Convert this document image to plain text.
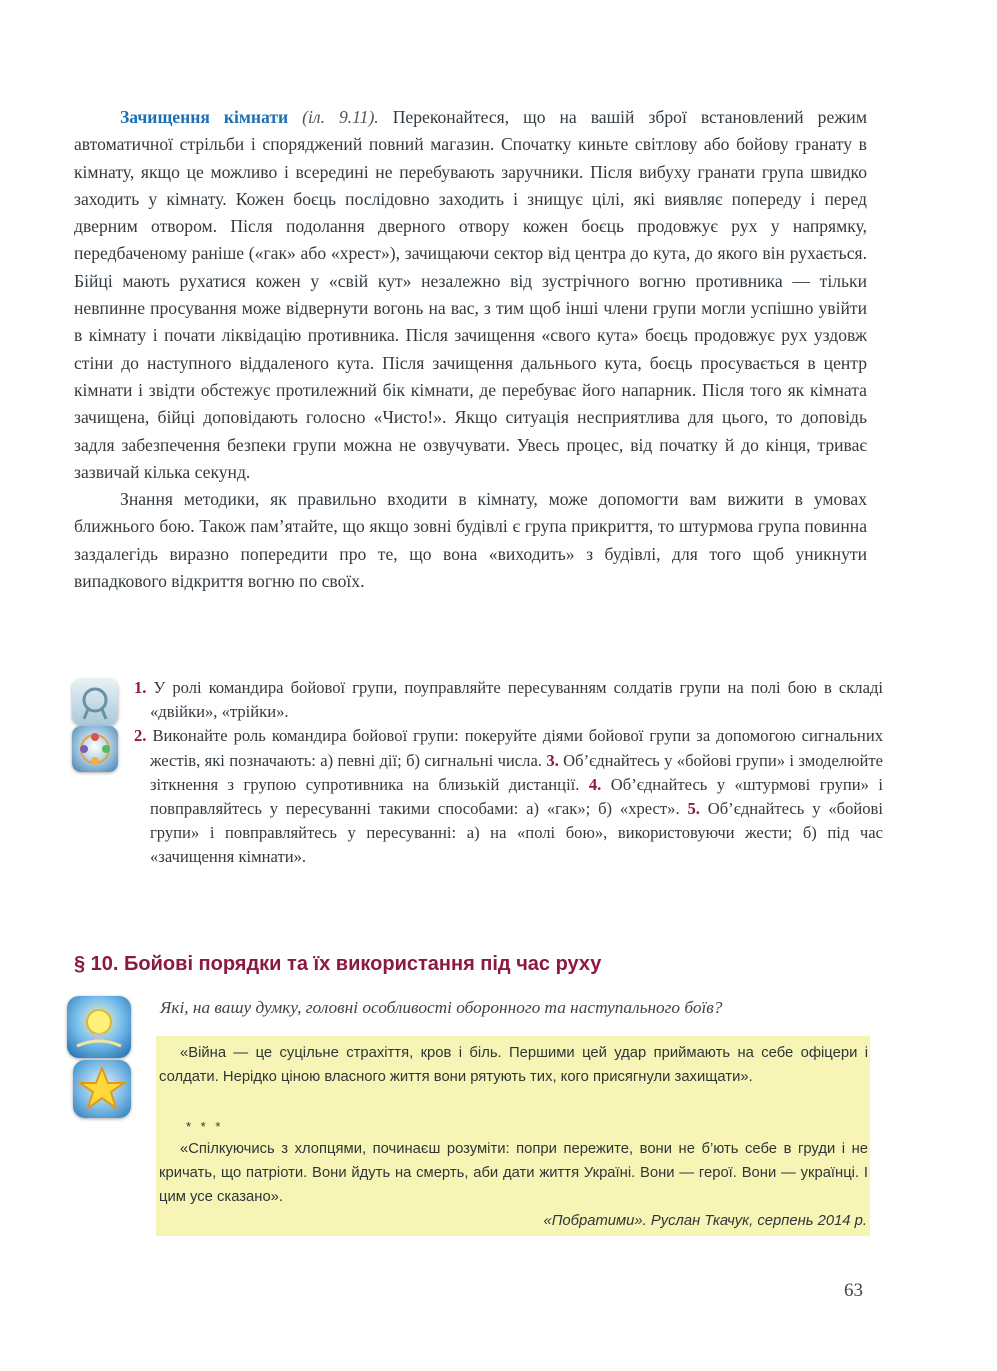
Зачищення кімнати (іл. 9.11). Переконайтеся, що на вашій зброї встановлений режим автоматичної стрільби і споряджений повний магазин. Спочатку киньте світлову або бойову гранату в кімнату, якщо це можливо і всередині не перебувають заручники. Після вибуху гранати група швидко заходить у кімнату. Кожен боєць послідовно заходить і знищує цілі, які виявляє попереду і перед дверним отвором. Після подолання дверного отвору кожен боєць продовжує рух у напрямку, передбаченому раніше («гак» або «хрест»), зачищаючи сектор від центра до кута, до якого він рухається. Бійці мають рухатися кожен у «свій кут» незалежно від зустрічного вогню противника — тільки невпинне просування може відвернути вогонь на вас, з тим щоб інші члени групи могли успішно увійти в кімнату і почати ліквідацію противника. Після зачищення «свого кута» боєць продовжує рух уздовж стіни до наступного віддаленого кута. Після зачищення дальнього кута, боєць просувається в центр кімнати і звідти обстежує протилежний бік кімнати, де перебуває його напарник. Після того як кімната зачищена, бійці доповідають голосно «Чисто!». Якщо ситуація несприятлива для цього, то доповідь задля забезпечення безпеки групи можна не озвучувати. Увесь процес, від початку й до кінця, триває зазвичай кілька секунд.

Знання методики, як правильно входити в кімнату, може допомогти вам вижити в умовах ближнього бою. Також пам’ятайте, що якщо зовні будівлі є група прикриття, то штурмова група повинна заздалегідь виразно попередити про те, що вона «виходить» з будівлі, для того щоб уникнути випадкового відкриття вогню по своїх.

1. У ролі командира бойової групи, поуправляйте пересуванням солдатів групи на полі бою в складі «двійки», «трійки».

2. Виконайте роль командира бойової групи: покеруйте діями бойової групи за допомогою сигнальних жестів, які позначають: а) певні дії; б) сигнальні числа. 3. Об’єднайтесь у «бойові групи» і змоделюйте зіткнення з групою супротивника на близькій дистанції. 4. Об’єднайтесь у «штурмові групи» і повправляйтесь у пересуванні такими способами: а) «гак»; б) «хрест». 5. Об’єднайтесь у «бойові групи» і повправляйтесь у пересуванні: а) на «полі бою», використовуючи жести; б) під час «зачищення кімнати».

§ 10. Бойові порядки та їх використання під час руху
Які, на вашу думку, головні особливості оборонного та наступального боїв?

«Війна — це суцільне страхіття, кров і біль. Першими цей удар приймають на себе офіцери і солдати. Нерідко ціною власного життя вони рятують тих, кого присягнули захищати».

* * *

«Спілкуючись з хлопцями, починаєш розуміти: попри пережите, вони не б’ють себе в груди і не кричать, що патріоти. Вони йдуть на смерть, аби дати життя Україні. Вони — герої. Вони — українці. І цим усе сказано».

«Побратими». Руслан Ткачук, серпень 2014 р.
63
